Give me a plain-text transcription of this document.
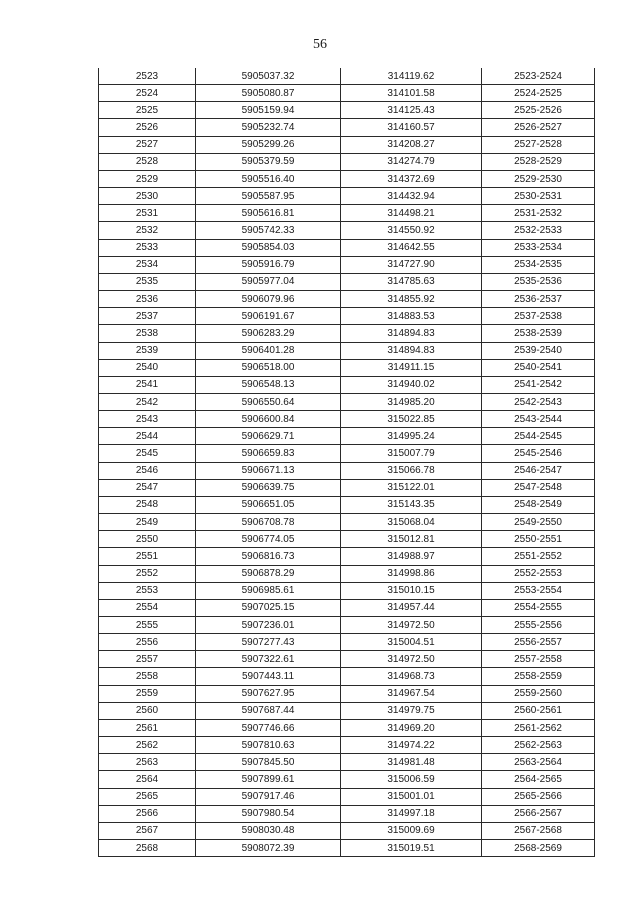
56
2523	5905037.32	314119.62	2523-2524
2524	5905080.87	314101.58	2524-2525
2525	5905159.94	314125.43	2525-2526
2526	5905232.74	314160.57	2526-2527
2527	5905299.26	314208.27	2527-2528
2528	5905379.59	314274.79	2528-2529
2529	5905516.40	314372.69	2529-2530
2530	5905587.95	314432.94	2530-2531
2531	5905616.81	314498.21	2531-2532
2532	5905742.33	314550.92	2532-2533
2533	5905854.03	314642.55	2533-2534
2534	5905916.79	314727.90	2534-2535
2535	5905977.04	314785.63	2535-2536
2536	5906079.96	314855.92	2536-2537
2537	5906191.67	314883.53	2537-2538
2538	5906283.29	314894.83	2538-2539
2539	5906401.28	314894.83	2539-2540
2540	5906518.00	314911.15	2540-2541
2541	5906548.13	314940.02	2541-2542
2542	5906550.64	314985.20	2542-2543
2543	5906600.84	315022.85	2543-2544
2544	5906629.71	314995.24	2544-2545
2545	5906659.83	315007.79	2545-2546
2546	5906671.13	315066.78	2546-2547
2547	5906639.75	315122.01	2547-2548
2548	5906651.05	315143.35	2548-2549
2549	5906708.78	315068.04	2549-2550
2550	5906774.05	315012.81	2550-2551
2551	5906816.73	314988.97	2551-2552
2552	5906878.29	314998.86	2552-2553
2553	5906985.61	315010.15	2553-2554
2554	5907025.15	314957.44	2554-2555
2555	5907236.01	314972.50	2555-2556
2556	5907277.43	315004.51	2556-2557
2557	5907322.61	314972.50	2557-2558
2558	5907443.11	314968.73	2558-2559
2559	5907627.95	314967.54	2559-2560
2560	5907687.44	314979.75	2560-2561
2561	5907746.66	314969.20	2561-2562
2562	5907810.63	314974.22	2562-2563
2563	5907845.50	314981.48	2563-2564
2564	5907899.61	315006.59	2564-2565
2565	5907917.46	315001.01	2565-2566
2566	5907980.54	314997.18	2566-2567
2567	5908030.48	315009.69	2567-2568
2568	5908072.39	315019.51	2568-2569
